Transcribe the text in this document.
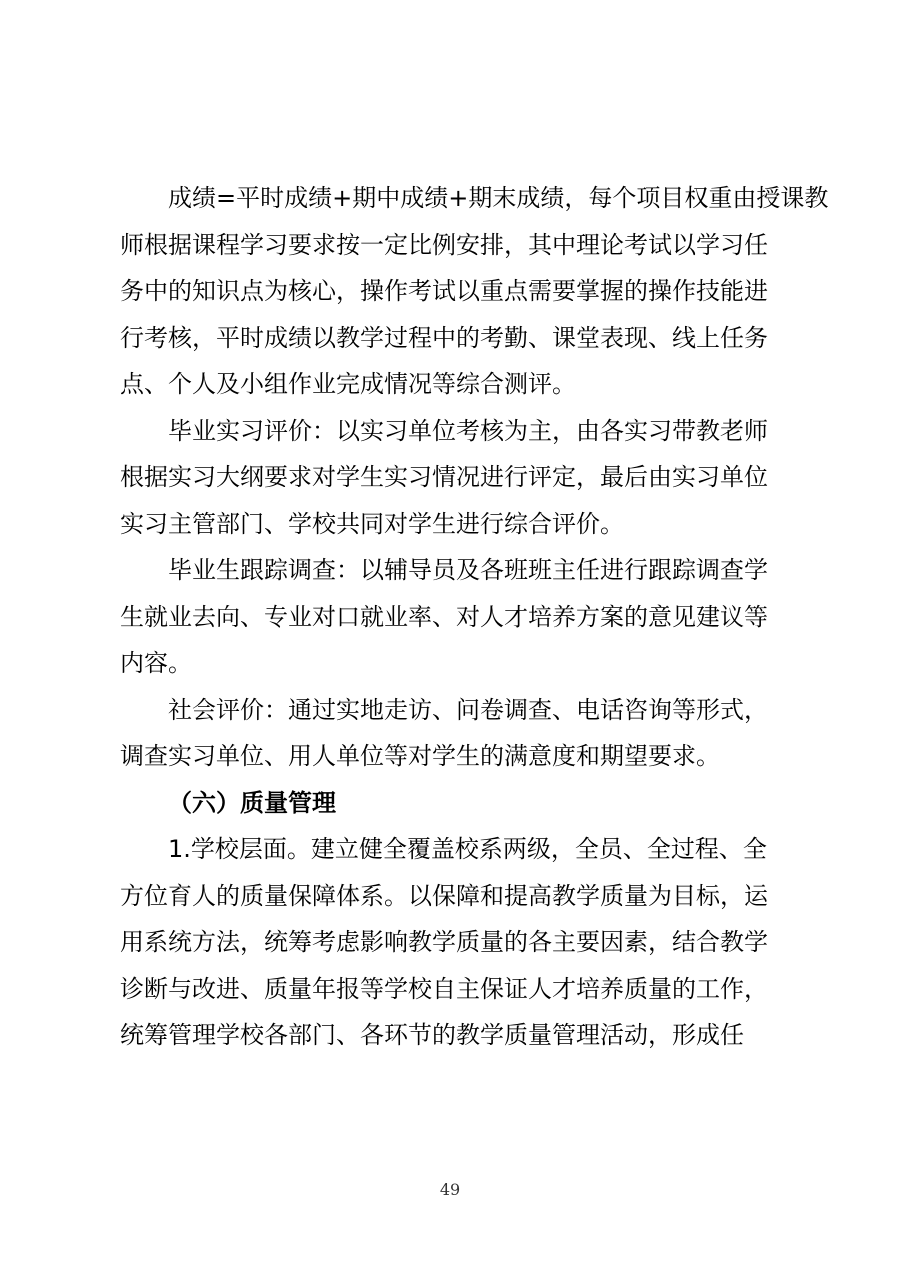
成绩=平时成绩+期中成绩+期末成绩，每个项目权重由授课教
师根据课程学习要求按一定比例安排，其中理论考试以学习任
务中的知识点为核心，操作考试以重点需要掌握的操作技能进
行考核，平时成绩以教学过程中的考勤、课堂表现、线上任务
点、个人及小组作业完成情况等综合测评。
毕业实习评价：以实习单位考核为主，由各实习带教老师
根据实习大纲要求对学生实习情况进行评定，最后由实习单位
实习主管部门、学校共同对学生进行综合评价。
毕业生跟踪调查：以辅导员及各班班主任进行跟踪调查学
生就业去向、专业对口就业率、对人才培养方案的意见建议等
内容。
社会评价：通过实地走访、问卷调查、电话咨询等形式，
调查实习单位、用人单位等对学生的满意度和期望要求。
（六）质量管理
1.学校层面。建立健全覆盖校系两级，全员、全过程、全
方位育人的质量保障体系。以保障和提高教学质量为目标，运
用系统方法，统筹考虑影响教学质量的各主要因素，结合教学
诊断与改进、质量年报等学校自主保证人才培养质量的工作，
统筹管理学校各部门、各环节的教学质量管理活动，形成任
49
